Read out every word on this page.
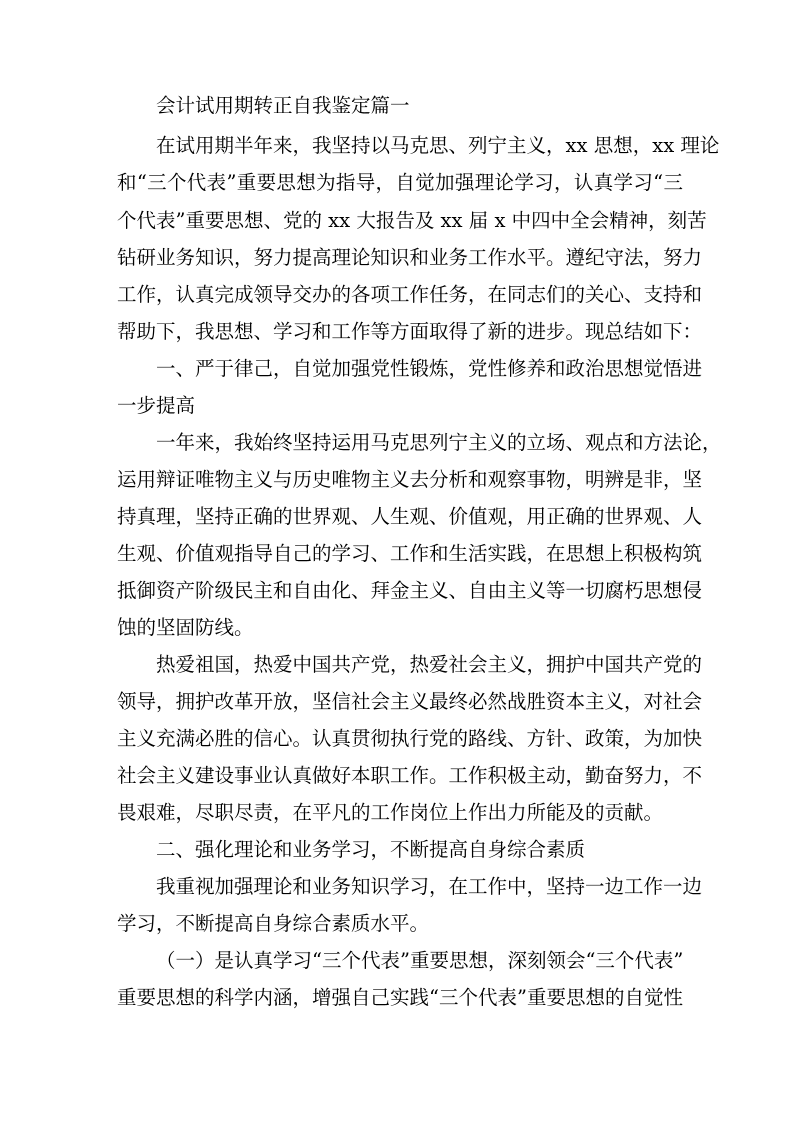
会计试用期转正自我鉴定篇一
在试用期半年来，我坚持以马克思、列宁主义，xx 思想，xx 理论
和“三个代表”重要思想为指导，自觉加强理论学习，认真学习“三
个代表”重要思想、党的 xx 大报告及 xx 届 x 中四中全会精神，刻苦
钻研业务知识，努力提高理论知识和业务工作水平。遵纪守法，努力
工作，认真完成领导交办的各项工作任务，在同志们的关心、支持和
帮助下，我思想、学习和工作等方面取得了新的进步。现总结如下：
一、严于律己，自觉加强党性锻炼，党性修养和政治思想觉悟进
一步提高
一年来，我始终坚持运用马克思列宁主义的立场、观点和方法论，
运用辩证唯物主义与历史唯物主义去分析和观察事物，明辨是非，坚
持真理，坚持正确的世界观、人生观、价值观，用正确的世界观、人
生观、价值观指导自己的学习、工作和生活实践，在思想上积极构筑
抵御资产阶级民主和自由化、拜金主义、自由主义等一切腐朽思想侵
蚀的坚固防线。
热爱祖国，热爱中国共产党，热爱社会主义，拥护中国共产党的
领导，拥护改革开放，坚信社会主义最终必然战胜资本主义，对社会
主义充满必胜的信心。认真贯彻执行党的路线、方针、政策，为加快
社会主义建设事业认真做好本职工作。工作积极主动，勤奋努力，不
畏艰难，尽职尽责，在平凡的工作岗位上作出力所能及的贡献。
二、强化理论和业务学习，不断提高自身综合素质
我重视加强理论和业务知识学习，在工作中，坚持一边工作一边
学习，不断提高自身综合素质水平。
（一）是认真学习“三个代表”重要思想，深刻领会“三个代表”
重要思想的科学内涵，增强自己实践“三个代表”重要思想的自觉性
